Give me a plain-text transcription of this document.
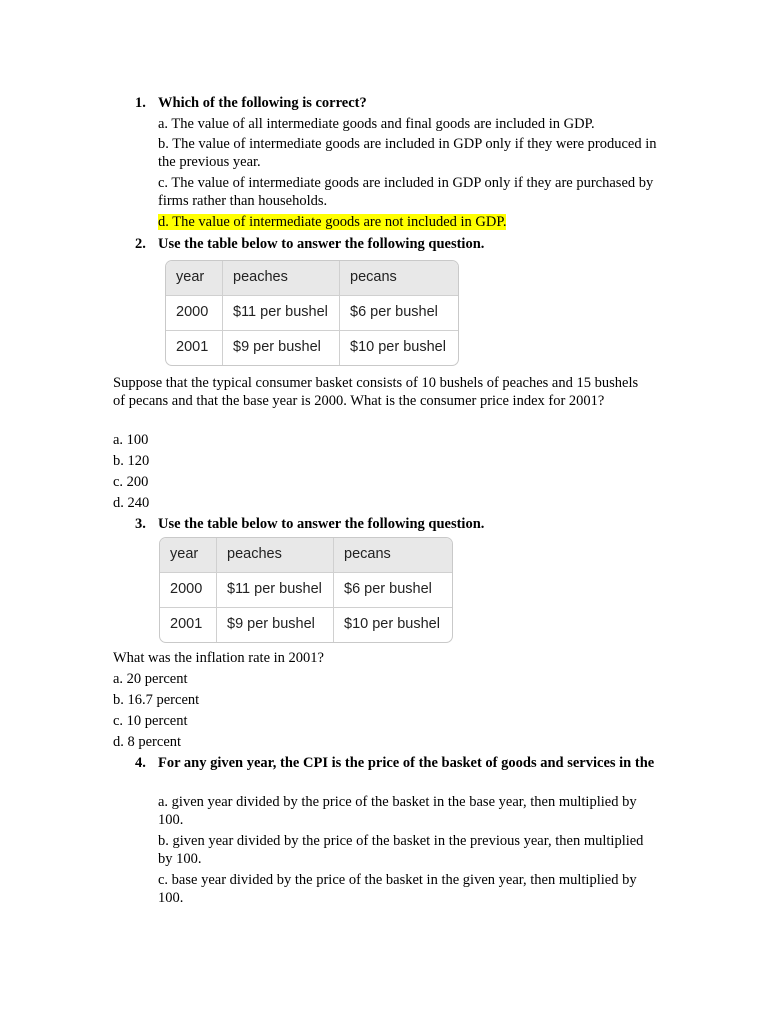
1. Which of the following is correct?
a. The value of all intermediate goods and final goods are included in GDP.
b. The value of intermediate goods are included in GDP only if they were produced in the previous year.
c. The value of intermediate goods are included in GDP only if they are purchased by firms rather than households.
d. The value of intermediate goods are not included in GDP.
2. Use the table below to answer the following question.
year	peaches	pecans
2000	$11 per bushel	$6 per bushel
2001	$9 per bushel	$10 per bushel
Suppose that the typical consumer basket consists of 10 bushels of peaches and 15 bushels of pecans and that the base year is 2000. What is the consumer price index for 2001?
a. 100
b. 120
c. 200
d. 240
3. Use the table below to answer the following question.
year	peaches	pecans
2000	$11 per bushel	$6 per bushel
2001	$9 per bushel	$10 per bushel
What was the inflation rate in 2001?
a. 20 percent
b. 16.7 percent
c. 10 percent
d. 8 percent
4. For any given year, the CPI is the price of the basket of goods and services in the
a. given year divided by the price of the basket in the base year, then multiplied by 100.
b. given year divided by the price of the basket in the previous year, then multiplied by 100.
c. base year divided by the price of the basket in the given year, then multiplied by 100.
